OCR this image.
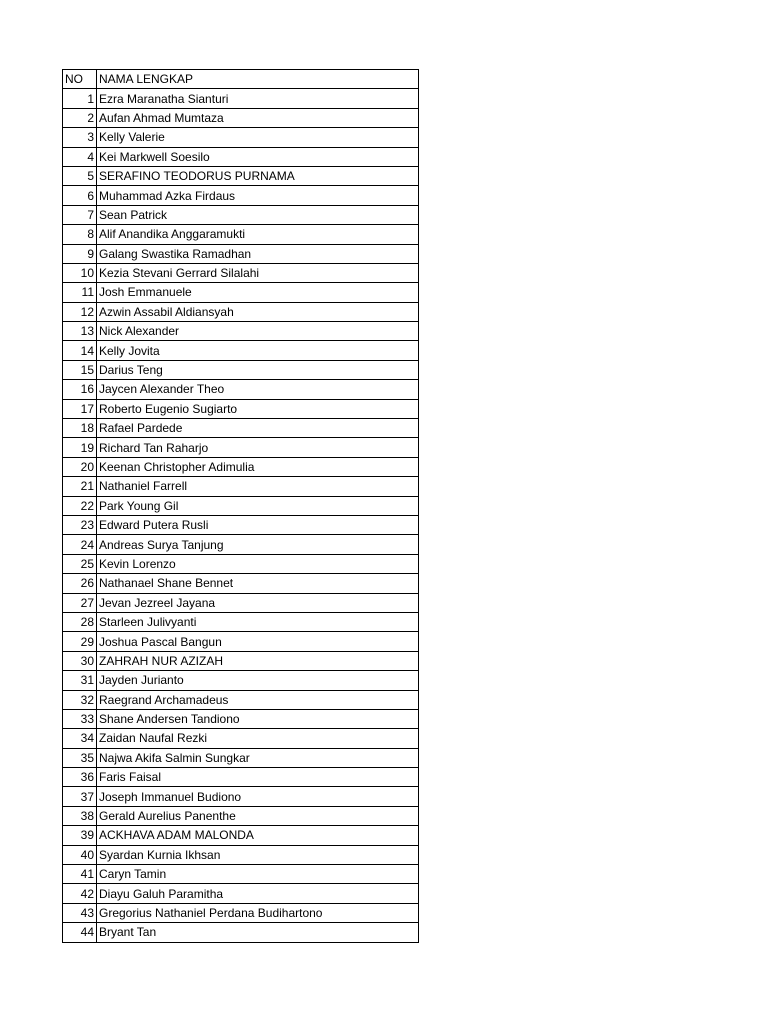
NO	NAMA LENGKAP
1	Ezra Maranatha Sianturi
2	Aufan Ahmad Mumtaza
3	Kelly Valerie
4	Kei Markwell Soesilo
5	SERAFINO TEODORUS PURNAMA
6	Muhammad Azka Firdaus
7	Sean Patrick
8	Alif Anandika Anggaramukti
9	Galang Swastika Ramadhan
10	Kezia Stevani Gerrard Silalahi
11	Josh Emmanuele
12	Azwin Assabil Aldiansyah
13	Nick Alexander
14	Kelly Jovita
15	Darius Teng
16	Jaycen Alexander Theo
17	Roberto Eugenio Sugiarto
18	Rafael Pardede
19	Richard Tan Raharjo
20	Keenan Christopher Adimulia
21	Nathaniel Farrell
22	Park Young Gil
23	Edward Putera Rusli
24	Andreas Surya Tanjung
25	Kevin Lorenzo
26	Nathanael Shane Bennet
27	Jevan Jezreel Jayana
28	Starleen Julivyanti
29	Joshua Pascal Bangun
30	ZAHRAH NUR AZIZAH
31	Jayden Jurianto
32	Raegrand Archamadeus
33	Shane Andersen Tandiono
34	Zaidan Naufal Rezki
35	Najwa Akifa Salmin Sungkar
36	Faris Faisal
37	Joseph Immanuel Budiono
38	Gerald Aurelius Panenthe
39	ACKHAVA ADAM MALONDA
40	Syardan Kurnia Ikhsan
41	Caryn Tamin
42	Diayu Galuh Paramitha
43	Gregorius Nathaniel Perdana Budihartono
44	Bryant Tan
